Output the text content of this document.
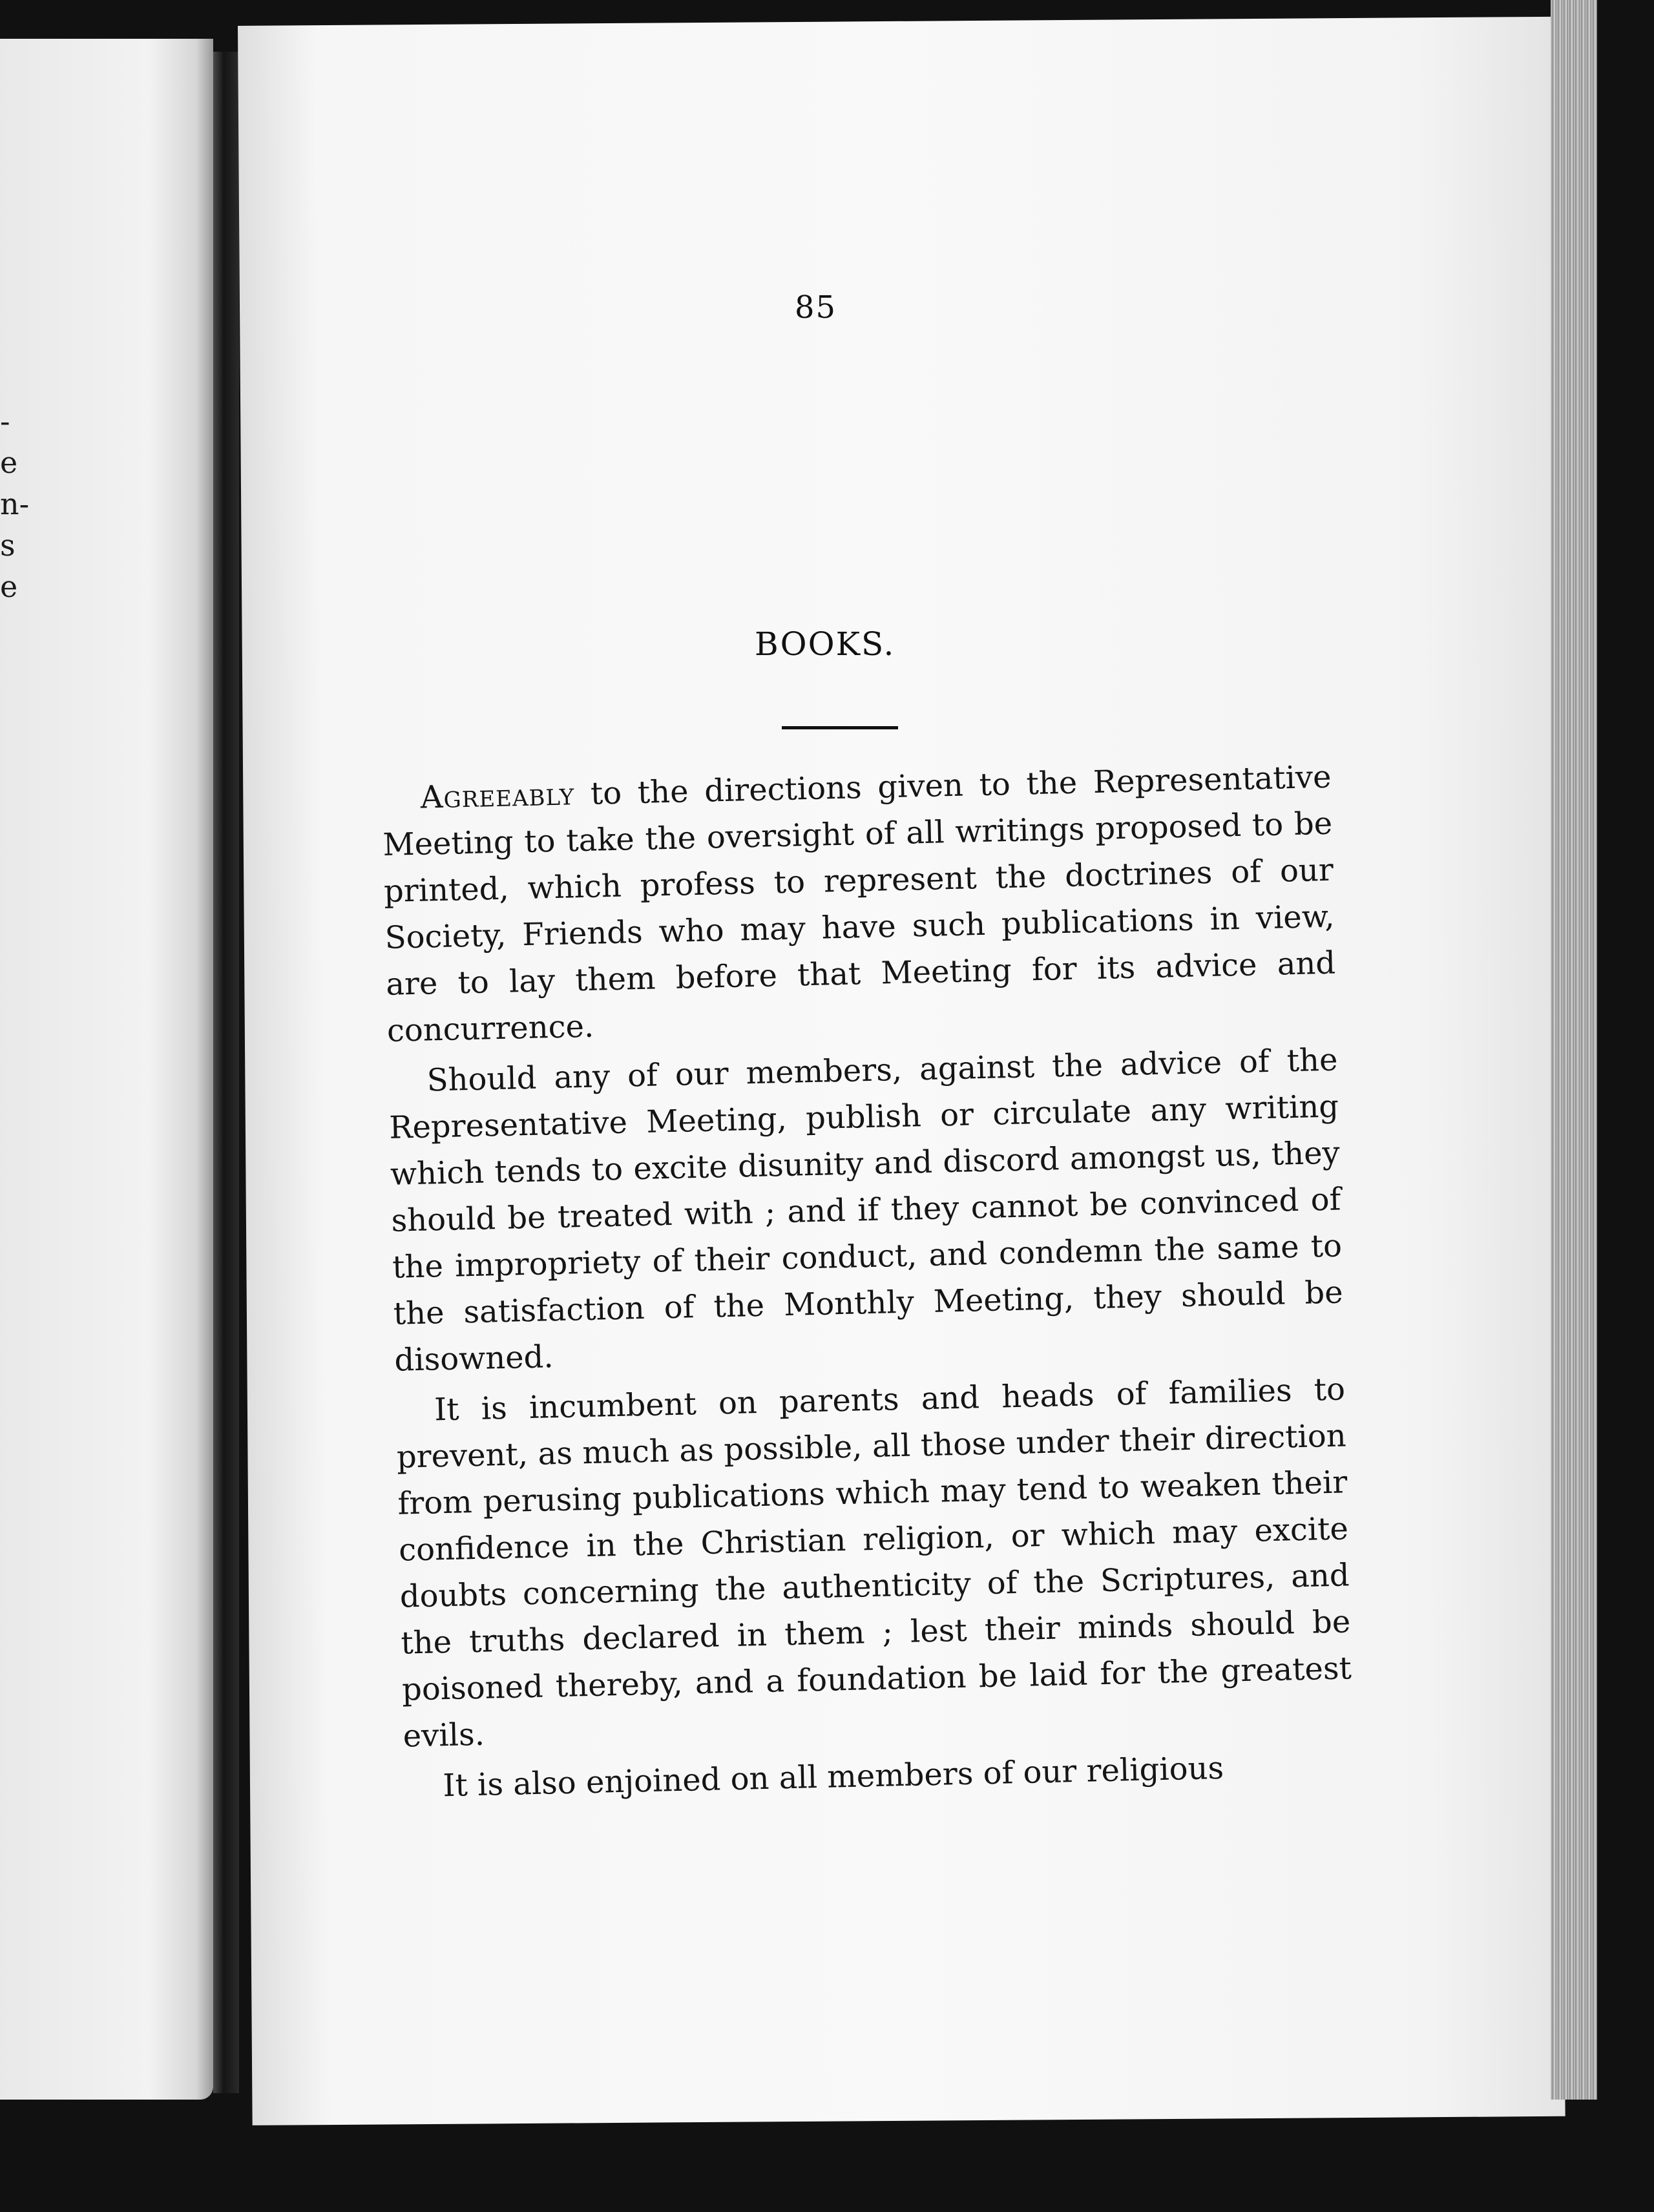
-
e
n-
s
e
85
BOOKS.

Agreeably to the directions given to the Representative Meeting to take the oversight of all writings proposed to be printed, which profess to represent the doctrines of our Society, Friends who may have such publications in view, are to lay them before that Meeting for its advice and concurrence.

Should any of our members, against the advice of the Representative Meeting, publish or circulate any writing which tends to excite disunity and discord amongst us, they should be treated with ; and if they cannot be convinced of the impropriety of their conduct, and condemn the same to the satisfaction of the Monthly Meeting, they should be disowned.

It is incumbent on parents and heads of families to prevent, as much as possible, all those under their direction from perusing publications which may tend to weaken their confidence in the Christian religion, or which may excite doubts concerning the authenticity of the Scriptures, and the truths declared in them ; lest their minds should be poisoned thereby, and a foundation be laid for the greatest evils.

It is also enjoined on all members of our religious
